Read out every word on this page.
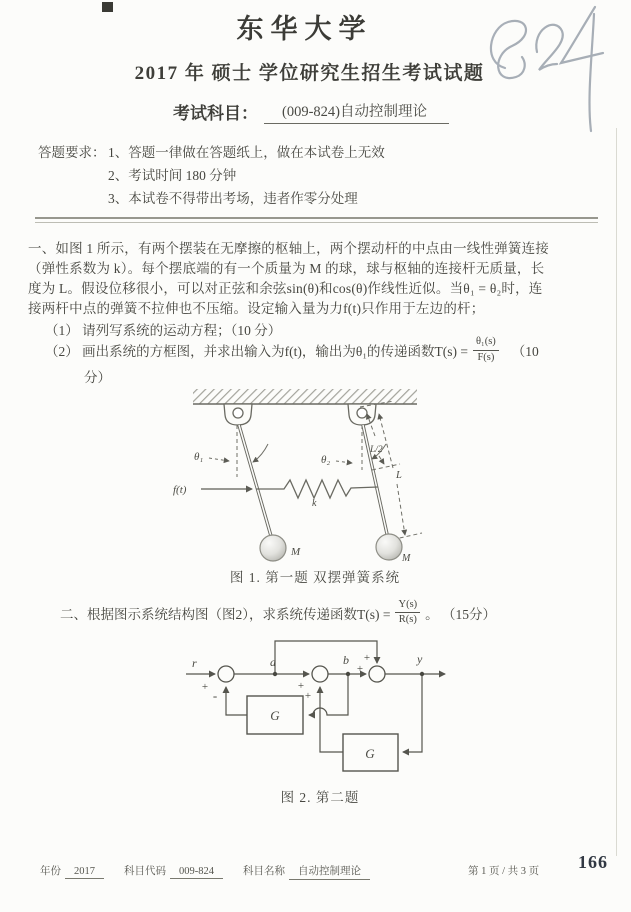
东华大学
2017 年 硕士 学位研究生招生考试试题
考试科目： (009-824)自动控制理论
答题要求： 1、答题一律做在答题纸上，做在本试卷上无效
2、考试时间 180 分钟
3、本试卷不得带出考场，违者作零分处理
一、如图 1 所示，有两个摆装在无摩擦的枢轴上，两个摆动杆的中点由一线性弹簧连接
（弹性系数为 k）。每个摆底端的有一个质量为 M 的球，球与枢轴的连接杆无质量，长
度为 L。假设位移很小，可以对正弦和余弦sin(θ)和cos(θ)作线性近似。当θ₁ = θ₂时，连
接两杆中点的弹簧不拉伸也不压缩。设定输入量为力f(t)只作用于左边的杆；
（1） 请列写系统的运动方程；（10 分）
（2） 画出系统的方框图，并求出输入为f(t)，输出为θ₁的传递函数$T(s) = \frac{\text{θ₁(s)}}{F(s)} (10$
分）
θ₁	θ₂
f(t)
k
L/2
L
M
M
图 1. 第一题 双摆弹簧系统
二、根据图示系统结构图（图2），求系统传递函数$T(s) = \frac{Y(s)}{R(s)}$ 。 （15分）
G
G
r	a	b	y
+
-
+
+
+
+
图 2. 第二题
年份	2017	科目代码	009-824	科目名称	自动控制理论	第 1 页 / 共 3 页 166
